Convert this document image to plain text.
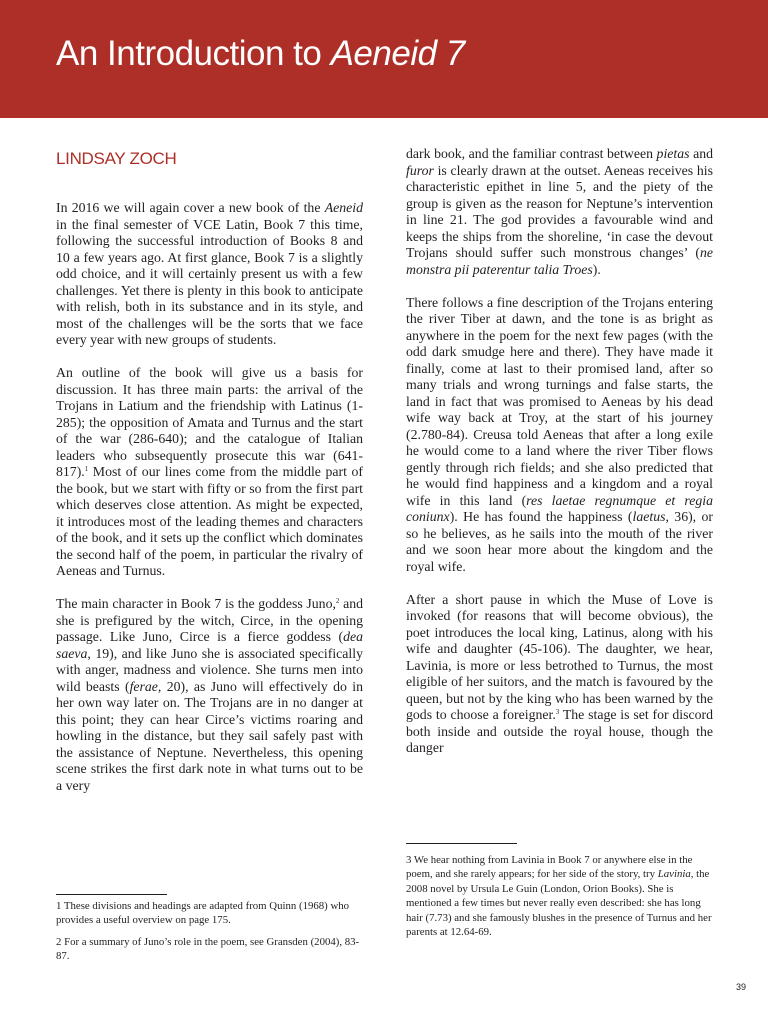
An Introduction to Aeneid 7
LINDSAY ZOCH

In 2016 we will again cover a new book of the Aeneid in the final semester of VCE Latin, Book 7 this time, following the successful introduction of Books 8 and 10 a few years ago. At first glance, Book 7 is a slightly odd choice, and it will certainly present us with a few challenges. Yet there is plenty in this book to anticipate with relish, both in its substance and in its style, and most of the challenges will be the sorts that we face every year with new groups of students.

An outline of the book will give us a basis for discussion. It has three main parts: the arrival of the Trojans in Latium and the friendship with Latinus (1-285); the opposition of Amata and Turnus and the start of the war (286-640); and the catalogue of Italian leaders who subsequently prosecute this war (641-817).$^1$ Most of our lines come from the middle part of the book, but we start with fifty or so from the first part which deserves close attention. As might be expected, it introduces most of the leading themes and characters of the book, and it sets up the conflict which dominates the second half of the poem, in particular the rivalry of Aeneas and Turnus.

The main character in Book 7 is the goddess Juno,$^2$ and she is prefigured by the witch, Circe, in the opening passage. Like Juno, Circe is a fierce goddess (dea saeva, 19), and like Juno she is associated specifically with anger, madness and violence. She turns men into wild beasts (ferae, 20), as Juno will effectively do in her own way later on. The Trojans are in no danger at this point; they can hear Circe’s victims roaring and howling in the distance, but they sail safely past with the assistance of Neptune. Nevertheless, this opening scene strikes the first dark note in what turns out to be a very

dark book, and the familiar contrast between pietas and furor is clearly drawn at the outset. Aeneas receives his characteristic epithet in line 5, and the piety of the group is given as the reason for Neptune’s intervention in line 21. The god provides a favourable wind and keeps the ships from the shoreline, ‘in case the devout Trojans should suffer such monstrous changes’ (ne monstra pii paterentur talia Troes).

There follows a fine description of the Trojans entering the river Tiber at dawn, and the tone is as bright as anywhere in the poem for the next few pages (with the odd dark smudge here and there). They have made it finally, come at last to their promised land, after so many trials and wrong turnings and false starts, the land in fact that was promised to Aeneas by his dead wife way back at Troy, at the start of his journey (2.780-84). Creusa told Aeneas that after a long exile he would come to a land where the river Tiber flows gently through rich fields; and she also predicted that he would find happiness and a kingdom and a royal wife in this land (res laetae regnumque et regia coniunx). He has found the happiness (laetus, 36), or so he believes, as he sails into the mouth of the river and we soon hear more about the kingdom and the royal wife.

After a short pause in which the Muse of Love is invoked (for reasons that will become obvious), the poet introduces the local king, Latinus, along with his wife and daughter (45-106). The daughter, we hear, Lavinia, is more or less betrothed to Turnus, the most eligible of her suitors, and the match is favoured by the queen, but not by the king who has been warned by the gods to choose a foreigner.$^3$ The stage is set for discord both inside and outside the royal house, though the danger

1 These divisions and headings are adapted from Quinn (1968) who provides a useful overview on page 175.

2 For a summary of Juno’s role in the poem, see Gransden (2004), 83-87.

3 We hear nothing from Lavinia in Book 7 or anywhere else in the poem, and she rarely appears; for her side of the story, try Lavinia, the 2008 novel by Ursula Le Guin (London, Orion Books). She is mentioned a few times but never really even described: she has long hair (7.73) and she famously blushes in the presence of Turnus and her parents at 12.64-69.

39
